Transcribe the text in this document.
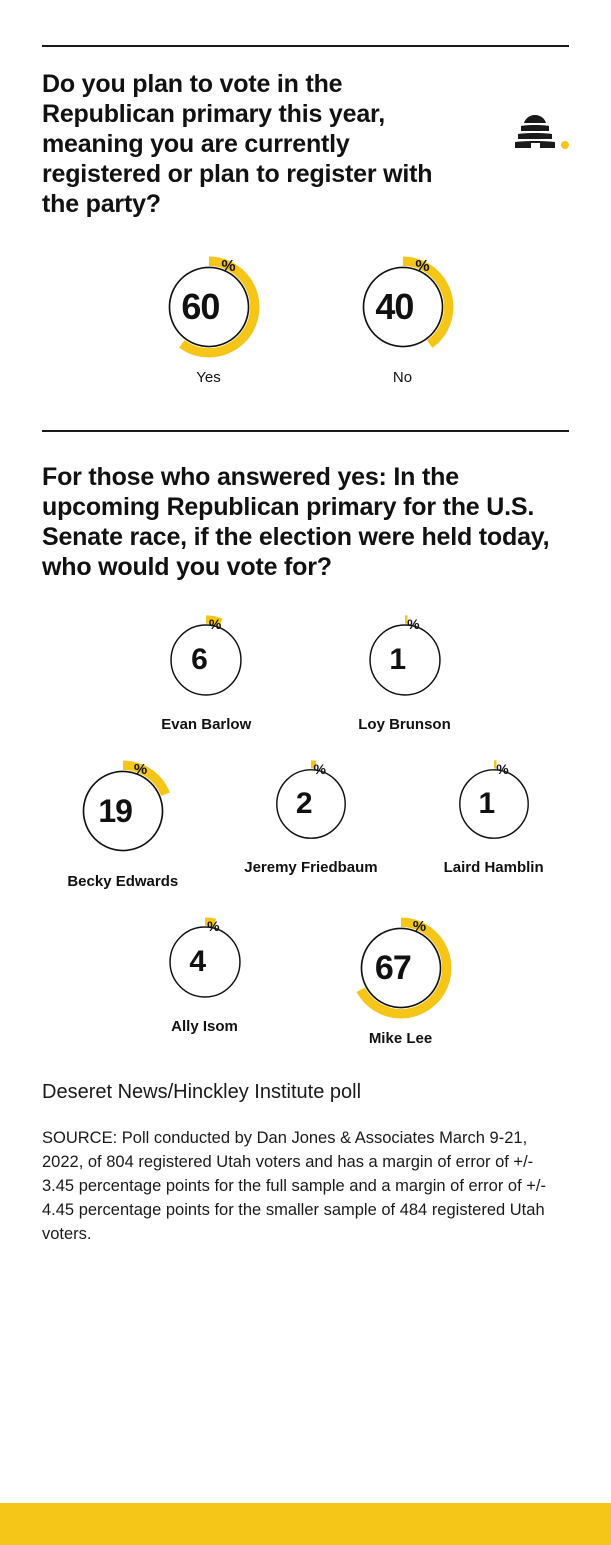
Do you plan to vote in the Republican primary this year, meaning you are currently registered or plan to register with the party?
60
%
Yes
40
%
No
For those who answered yes: In the upcoming Republican primary for the U.S. Senate race, if the election were held today, who would you vote for?
6
%
Evan Barlow
1
%
Loy Brunson
19
%
Becky Edwards
2
%
Jeremy Friedbaum
1
%
Laird Hamblin
4
%
Ally Isom
67
%
Mike Lee
Deseret News/Hinckley Institute poll
SOURCE: Poll conducted by Dan Jones & Associates March 9-21, 2022, of 804 registered Utah voters and has a margin of error of +/- 3.45 percentage points for the full sample and a margin of error of +/- 4.45 percentage points for the smaller sample of 484 registered Utah voters.
